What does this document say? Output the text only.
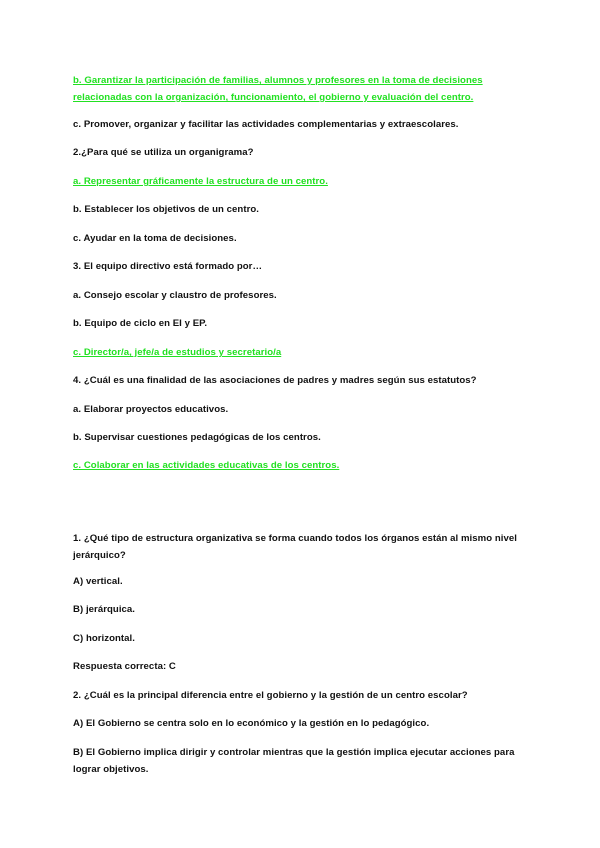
b. Garantizar la participación de familias, alumnos y profesores en la toma de decisiones relacionadas con la organización, funcionamiento, el gobierno y evaluación del centro.
c. Promover, organizar y facilitar las actividades complementarias y extraescolares.
2.¿Para qué se utiliza un organigrama?
a. Representar gráficamente la estructura de un centro.
b. Establecer los objetivos de un centro.
c. Ayudar en la toma de decisiones.
3. El equipo directivo está formado por…
a. Consejo escolar y claustro de profesores.
b. Equipo de ciclo en EI y EP.
c. Director/a, jefe/a de estudios y secretario/a
4. ¿Cuál es una finalidad de las asociaciones de padres y madres según sus estatutos?
a. Elaborar proyectos educativos.
b. Supervisar cuestiones pedagógicas de los centros.
c. Colaborar en las actividades educativas de los centros.
1. ¿Qué tipo de estructura organizativa se forma cuando todos los órganos están al mismo nivel jerárquico?
A) vertical.
B) jerárquica.
C) horizontal.
Respuesta correcta: C
2. ¿Cuál es la principal diferencia entre el gobierno y la gestión de un centro escolar?
A) El Gobierno se centra solo en lo económico y la gestión en lo pedagógico.
B) El Gobierno implica dirigir y controlar mientras que la gestión implica ejecutar acciones para lograr objetivos.
